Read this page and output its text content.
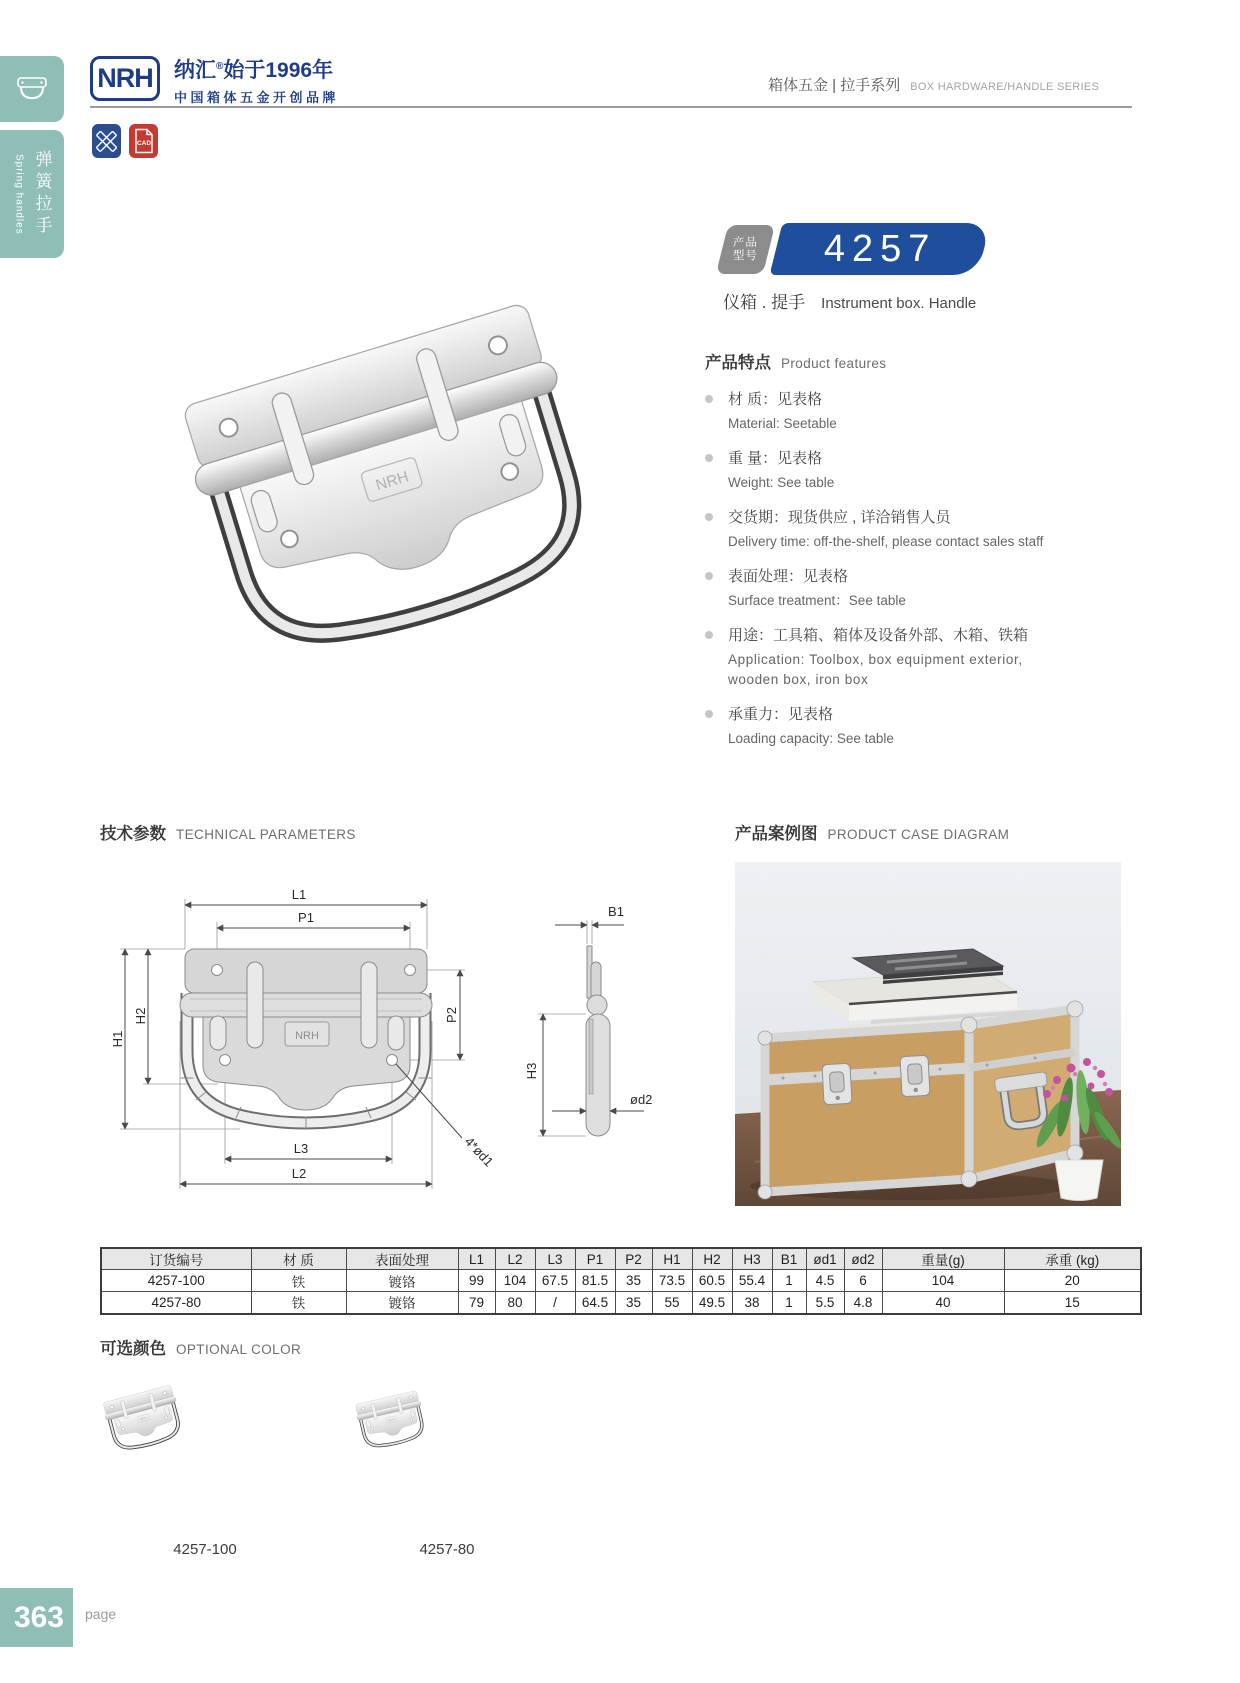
Spring handles 弹簧拉手
NRH 纳汇®始于1996年
中国箱体五金开创品牌
箱体五金 | 拉手系列 BOX HARDWARE/HANDLE SERIES
CAD
产品
型号 4257
仪箱 . 提手 Instrument box. Handle
产品特点 Product features
材 质：见表格
Material: Seetable
重 量：见表格
Weight: See table
交货期：现货供应 , 详洽销售人员
Delivery time: off-the-shelf, please contact sales staff
表面处理：见表格
Surface treatment：See table
用途：工具箱、箱体及设备外部、木箱、铁箱
Application: Toolbox, box equipment exterior,
wooden box, iron box
承重力：见表格
Loading capacity: See table
技术参数 TECHNICAL PARAMETERS	产品案例图 PRODUCT CASE DIAGRAM
NRH
L1
P1
H1
H2	P2
L3
L2
4*ød1
B1
H3
ød2
订货编号	材 质	表面处理	L1	L2	L3	P1	P2	H1	H2	H3	B1	ød1	ød2	重量(g)	承重 (kg)
4257-100	铁	镀铬	99	104	67.5	81.5	35	73.5	60.5	55.4	1	4.5	6	104	20
4257-80	铁	镀铬	79	80	/	64.5	35	55	49.5	38	1	5.5	4.8	40	15
可选颜色 OPTIONAL COLOR
4257-100	4257-80
363	page
